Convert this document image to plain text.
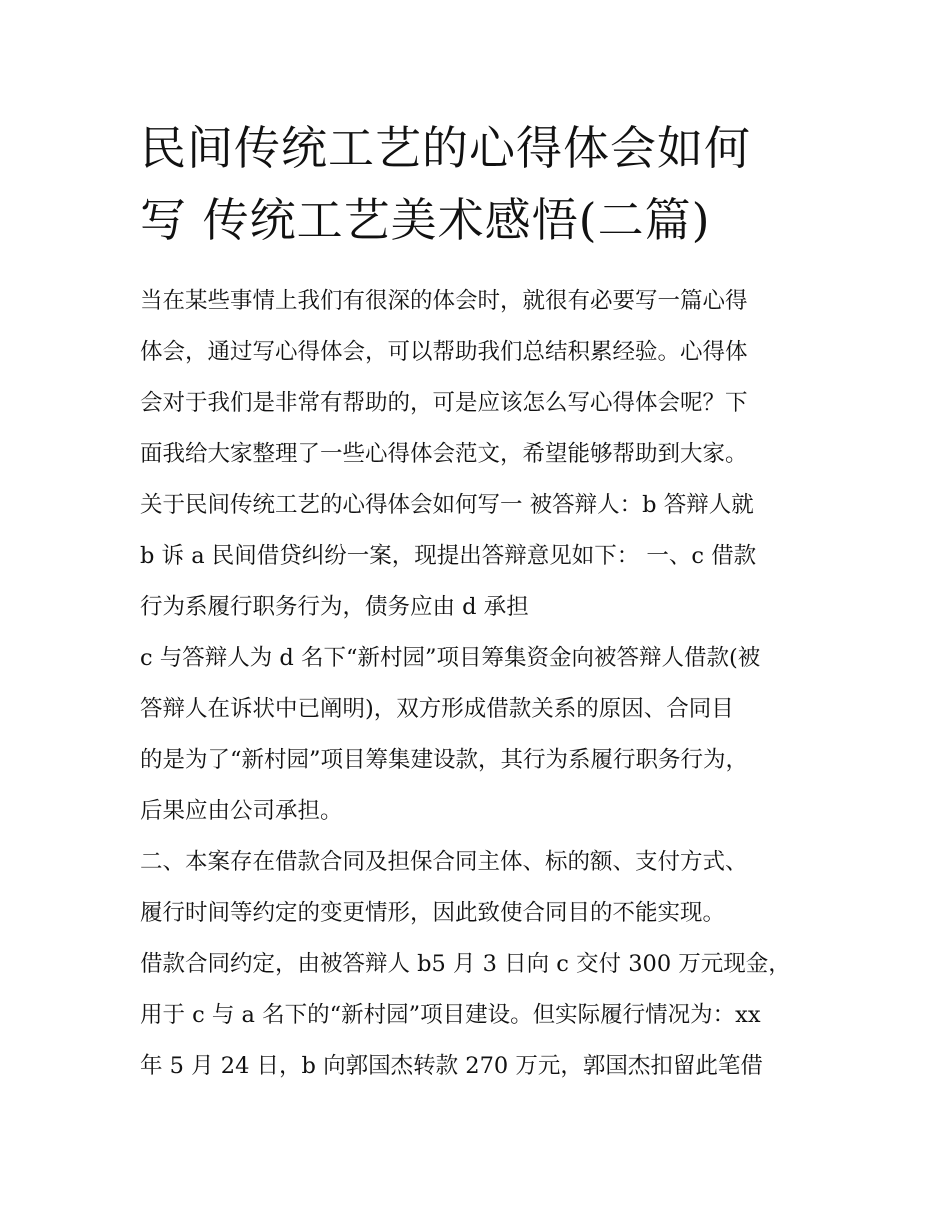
民间传统工艺的心得体会如何
写 传统工艺美术感悟(二篇)
当在某些事情上我们有很深的体会时，就很有必要写一篇心得
体会，通过写心得体会，可以帮助我们总结积累经验。心得体
会对于我们是非常有帮助的，可是应该怎么写心得体会呢？下
面我给大家整理了一些心得体会范文，希望能够帮助到大家。
关于民间传统工艺的心得体会如何写一 被答辩人：b 答辩人就
b 诉 a 民间借贷纠纷一案，现提出答辩意见如下： 一、c 借款
行为系履行职务行为，债务应由 d 承担
c 与答辩人为 d 名下“新村园”项目筹集资金向被答辩人借款(被
答辩人在诉状中已阐明)，双方形成借款关系的原因、合同目
的是为了“新村园”项目筹集建设款，其行为系履行职务行为，
后果应由公司承担。
二、本案存在借款合同及担保合同主体、标的额、支付方式、
履行时间等约定的变更情形，因此致使合同目的不能实现。
借款合同约定，由被答辩人 b5 月 3 日向 c 交付 300 万元现金，
用于 c 与 a 名下的“新村园”项目建设。但实际履行情况为：xx
年 5 月 24 日，b 向郭国杰转款 270 万元，郭国杰扣留此笔借
